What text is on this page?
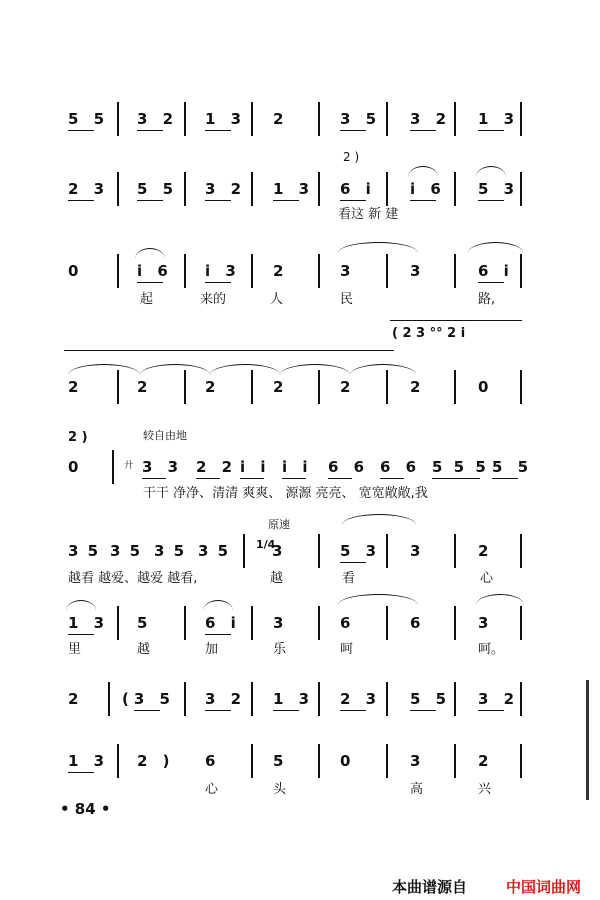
5 5 3 2 1 3 2	3 5 3 2 1 3
2 )
2 3 5 5 3 2 1 3 6 i i 6 5 3
看这 新 建
0	i 6 i 3 2	3	3	6 i
起	来的	人	民	路,
( 2 3 °° 2 i
2	2	2	2	2	2	0
2 )	较自由地
0	廾 3 3 2 2 i i i i 6 6 6 6 5 5 5 5 5
干干 净净、清清 爽爽、 源源 亮亮、 宽宽敞敞,我
原速
3 5 3 5 3 5 3 5 1/4
3	5 3 3	2
越看 越爱、越爱 越看,	越	看	心
1 3 5	6 i 3	6	6	3
里	越	加	乐	呵	呵。
2	(3 5 3 2 1 3 2 3 5 5 3 2
1 3 2 ) 6	5	0	3	2
心	头	高	兴
• 84 •
本曲谱源自	中国词曲网
